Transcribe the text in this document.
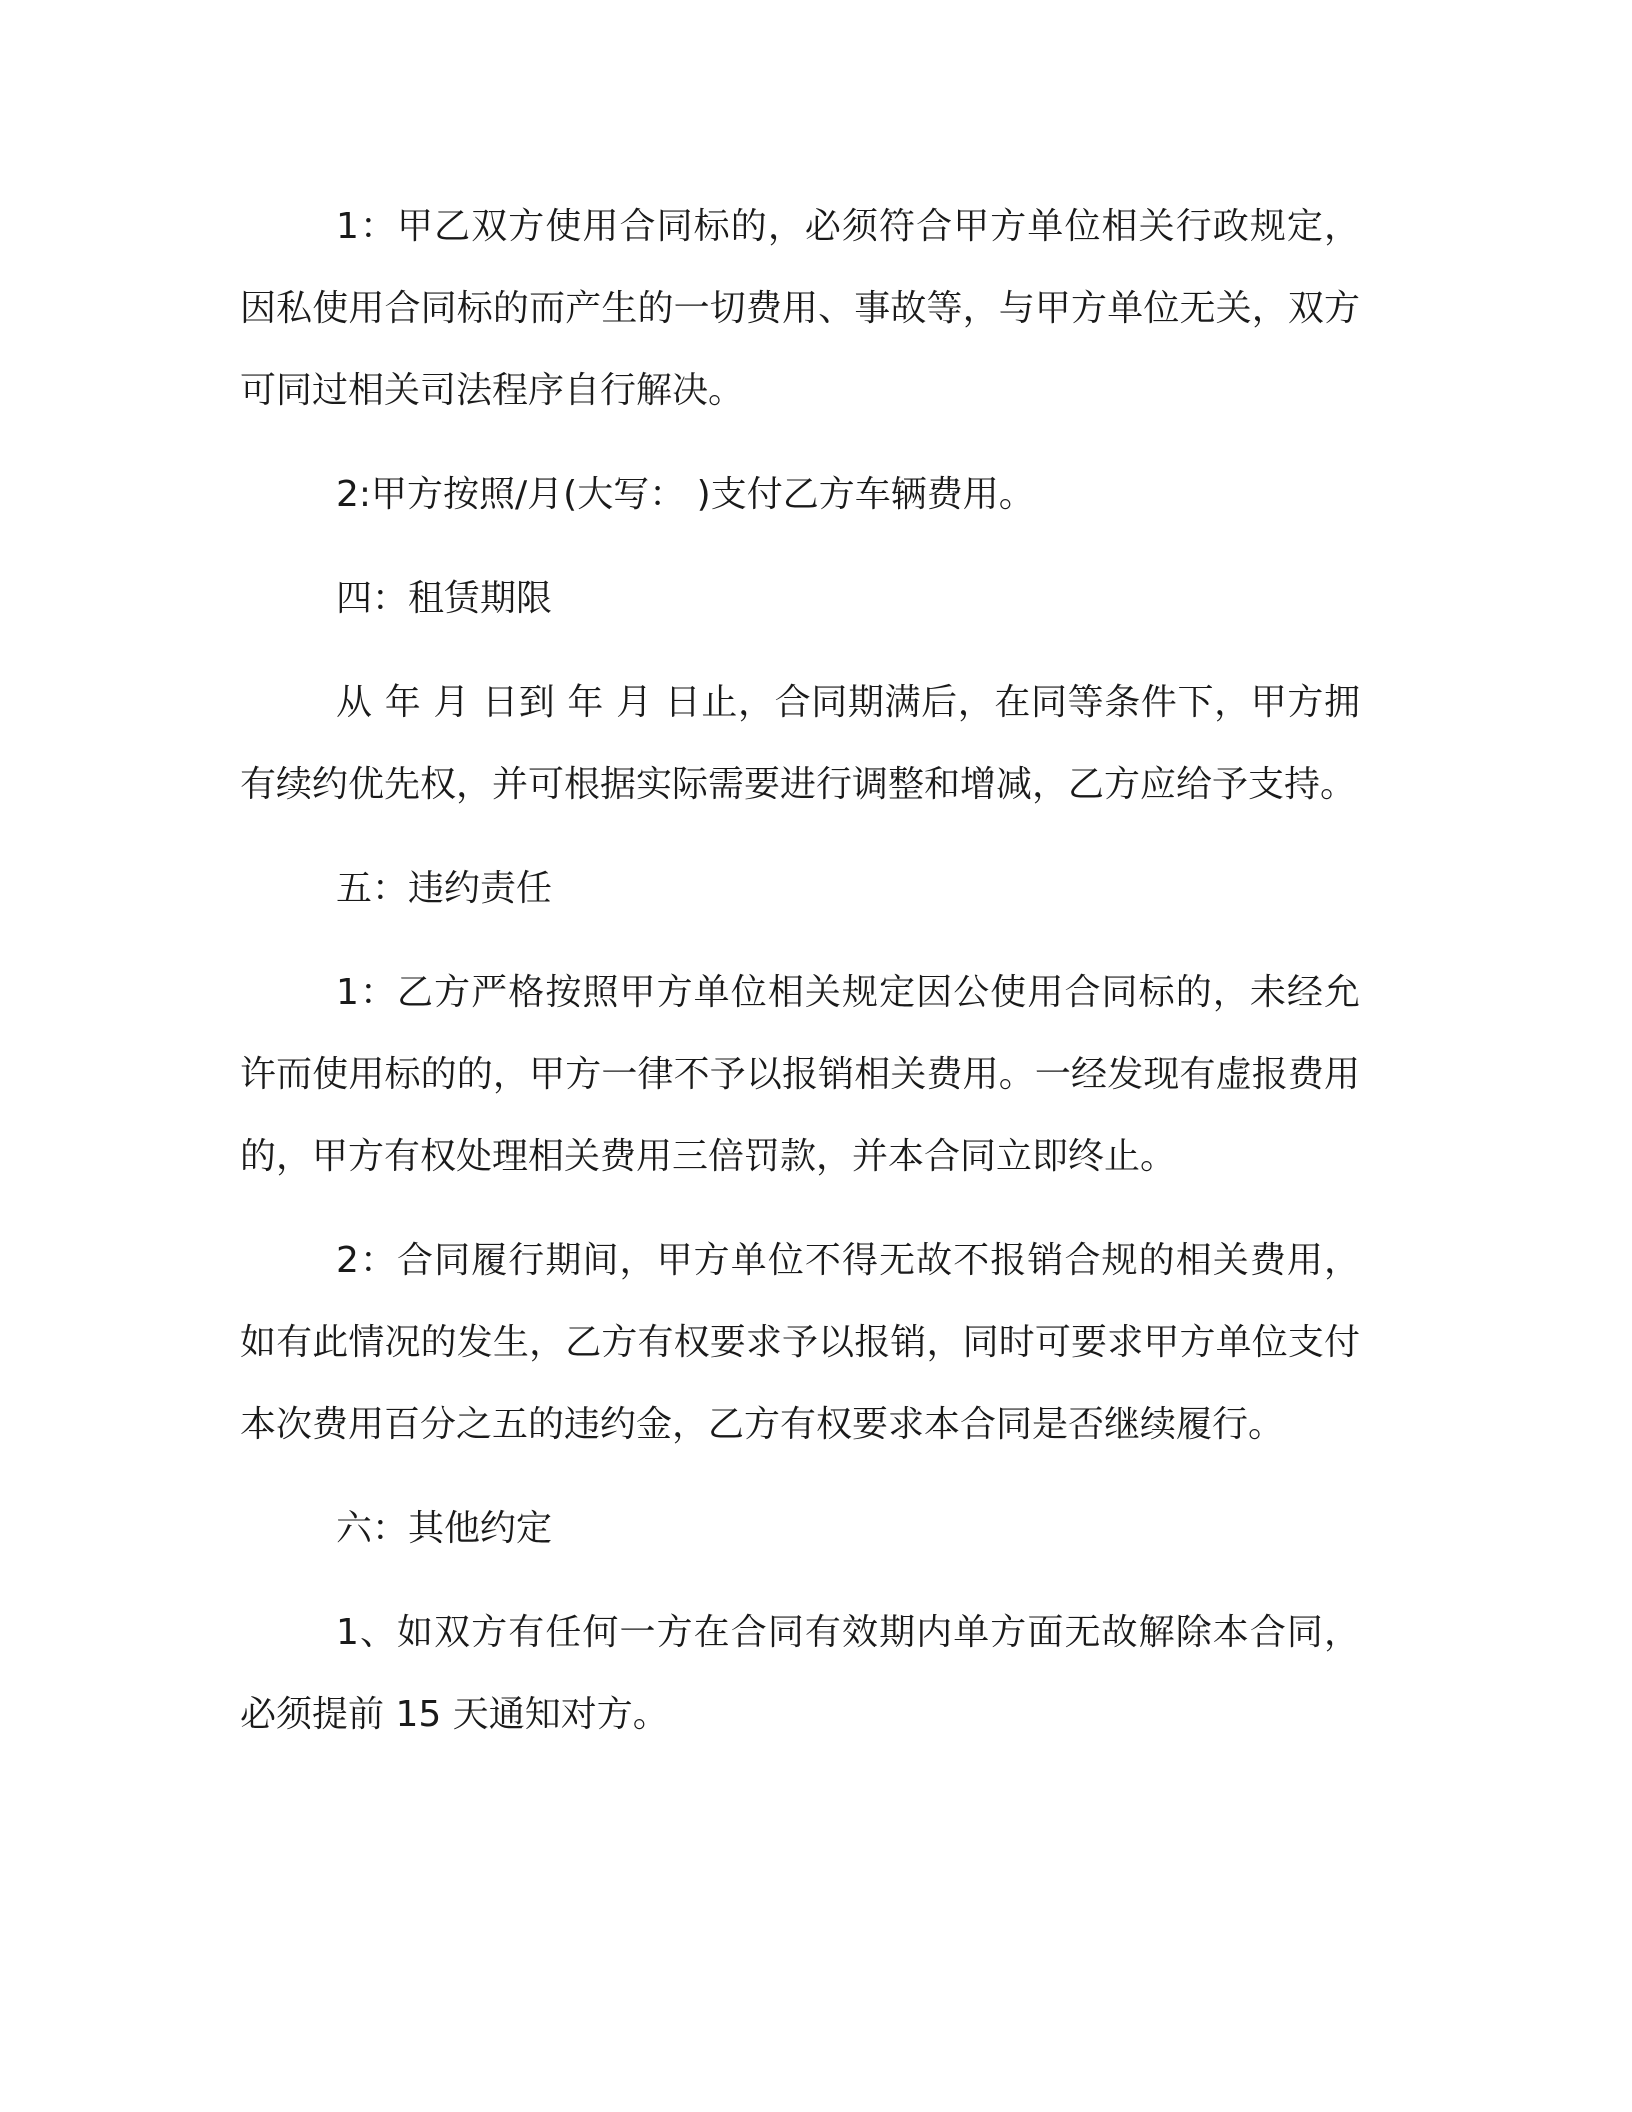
1：甲乙双方使用合同标的，必须符合甲方单位相关行政规定，因私使用合同标的而产生的一切费用、事故等，与甲方单位无关，双方可同过相关司法程序自行解决。

2:甲方按照/月(大写： )支付乙方车辆费用。

四：租赁期限

从 年 月 日到 年 月 日止，合同期满后，在同等条件下，甲方拥有续约优先权，并可根据实际需要进行调整和增减，乙方应给予支持。

五：违约责任

1：乙方严格按照甲方单位相关规定因公使用合同标的，未经允许而使用标的的，甲方一律不予以报销相关费用。一经发现有虚报费用的，甲方有权处理相关费用三倍罚款，并本合同立即终止。

2：合同履行期间，甲方单位不得无故不报销合规的相关费用，如有此情况的发生，乙方有权要求予以报销，同时可要求甲方单位支付本次费用百分之五的违约金，乙方有权要求本合同是否继续履行。

六：其他约定

1、如双方有任何一方在合同有效期内单方面无故解除本合同，必须提前 15 天通知对方。
